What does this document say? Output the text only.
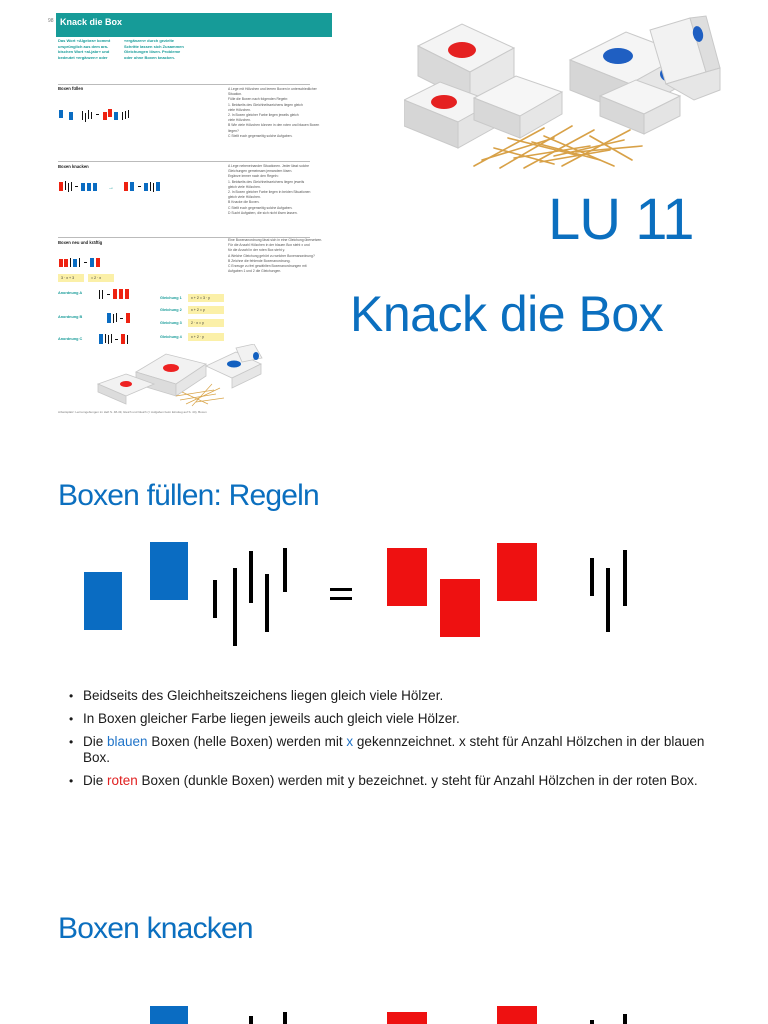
98 Knack die Box
Das Wort «Algebra» kommt
ursprünglich aus dem ara-
bischen Wort «al-jabr» und
bedeutet «ergänzen» oder
«ergänzen» durch gezielte
Schritte lassen sich Zusammen
Gleichungen lösen. Probleme
oder ohne Boxen knacken.
Boxen füllen	A Lege mit Hölzchen und leeren Boxen in unterschiedlicher
Situation.
Fülle die Boxen nach folgenden Regeln:
1. Beidseits des Gleichheitszeichens liegen gleich
viele Hölzchen.
2. In Boxen gleicher Farbe liegen jeweils gleich
viele Hölzchen.
B Wie viele Hölzchen können in den roten und blauen Boxen
liegen?
C Stellt euch gegenseitig solche Aufgaben.
Boxen knacken	A Lege nebeneinander Situationen. Jeder lässt solche
Gleichungen gemeinsam jemandem lösen.
Ergänze immer nach den Regeln:
1. Beidseits des Gleichheitszeichens liegen jeweils
gleich viele Hölzchen.
2. In Boxen gleicher Farbe liegen in beiden Situationen
gleich viele Hölzchen.
B Knacke die Boxen.
C Stellt euch gegenseitig solche Aufgaben.
D Sucht Aufgaben, die sich nicht lösen lassen.
→
Boxen neu und kräftig	Eine Boxenanordnung lässt sich in eine Gleichung übersetzen.
Für die Anzahl Hölzchen in der blauen Box steht x und
für die Anzahl in der roten Box steht y.
A Welche Gleichung gehört zu welcher Boxenanordnung?
B Zeichne die fehlende Boxenanordnung.
C Erzeuge zu frei gewählten Boxenanordnungen mit
Aufgaben 1 und 2 die Gleichungen.
3 · x + 3	= 2 · x
Anordnung A
Anordnung B
Anordnung C
Gleichung 1	x + 2 = 3 · y
Gleichung 2	x + 2 = y
Gleichung 3	2 · x = y
Gleichung 4	x + 2 · y
Arbeitsplatz: Lernumgebungen im Heft S. 48-49, Gleich und Gleich (= Aufgaben beim Einstieg auf S. 44), Boxen
LU 11
Knack die Box
Boxen füllen: Regeln
• Beidseits des Gleichheitszeichens liegen gleich viele Hölzer.
• In Boxen gleicher Farbe liegen jeweils auch gleich viele Hölzer.
• Die blauen Boxen (helle Boxen) werden mit x gekennzeichnet. x steht für Anzahl Hölzchen in der blauen Box.
• Die roten Boxen (dunkle Boxen) werden mit y bezeichnet. y steht für Anzahl Hölzchen in der roten Box.
Boxen knacken
